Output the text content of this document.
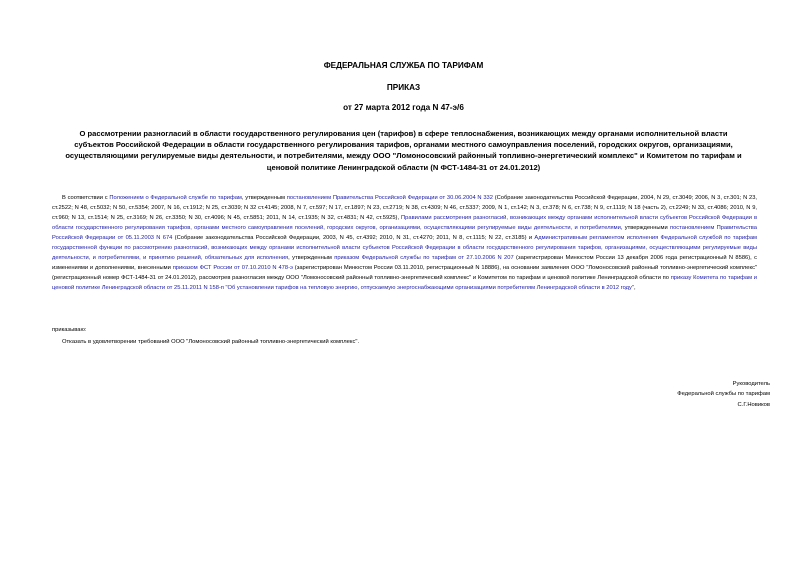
ФЕДЕРАЛЬНАЯ СЛУЖБА ПО ТАРИФАМ
ПРИКАЗ
от 27 марта 2012 года N 47-э/6
О рассмотрении разногласий в области государственного регулирования цен (тарифов) в сфере теплоснабжения, возникающих между органами исполнительной власти субъектов Российской Федерации в области государственного регулирования тарифов, органами местного самоуправления поселений, городских округов, организациями, осуществляющими регулируемые виды деятельности, и потребителями, между ООО "Ломоносовский районный топливно-энергетический комплекс" и Комитетом по тарифам и ценовой политике Ленинградской области (N ФСТ-1484-31 от 24.01.2012)
В соответствии с Положением о Федеральной службе по тарифам, утвержденным постановлением Правительства Российской Федерации от 30.06.2004 N 332 (Собрание законодательства Российской Федерации, 2004, N 29, ст.3049; 2006, N 3, ст.301; N 23, ст.2522; N 48, ст.5032; N 50, ст.5354; 2007, N 16, ст.1912; N 25, ст.3039; N 32 ст.4145; 2008, N 7, ст.597; N 17, ст.1897; N 23, ст.2719; N 38, ст.4309; N 46, ст.5337; 2009, N 1, ст.142; N 3, ст.378; N 6, ст.738; N 9, ст.1119; N 18 (часть 2), ст.2249; N 33, ст.4086; 2010, N 9, ст.960; N 13, ст.1514; N 25, ст.3169; N 26, ст.3350; N 30, ст.4096; N 45, ст.5851; 2011, N 14, ст.1935; N 32, ст.4831; N 42, ст.5925), Правилами рассмотрения разногласий, возникающих между органами исполнительной власти субъектов Российской Федерации в области государственного регулирования тарифов, органами местного самоуправления поселений, городских округов, организациями, осуществляющими регулируемые виды деятельности, и потребителями, утвержденными постановлением Правительства Российской Федерации от 05.11.2003 N 674 (Собрание законодательства Российской Федерации, 2003, N 45, ст.4392; 2010, N 31, ст.4270; 2011, N 8, ст.1115; N 22, ст.3185) и Административным регламентом исполнения Федеральной службой по тарифам государственной функции по рассмотрению разногласий, возникающих между органами исполнительной власти субъектов Российской Федерации в области государственного регулирования тарифов, организациями, осуществляющими регулируемые виды деятельности, и потребителями, и принятию решений, обязательных для исполнения, утвержденным приказом Федеральной службы по тарифам от 27.10.2006 N 207 (зарегистрирован Минюстом России 13 декабря 2006 года регистрационный N 8586), с изменениями и дополнениями, внесенными приказом ФСТ России от 07.10.2010 N 478-э (зарегистрирован Минюстом России 03.11.2010, регистрационный N 18886), на основании заявления ООО "Ломоносовский районный топливно-энергетический комплекс" (регистрационный номер ФСТ-1484-31 от 24.01.2012), рассмотрев разногласия между ООО "Ломоносовский районный топливно-энергетический комплекс" и Комитетом по тарифам и ценовой политике Ленинградской области по приказу Комитета по тарифам и ценовой политике Ленинградской области от 25.11.2011 N 158-п "Об установлении тарифов на тепловую энергию, отпускаемую энергоснабжающими организациями потребителям Ленинградской области в 2012 году",
приказываю:
Отказать в удовлетворении требований ООО "Ломоносовский районный топливно-энергетический комплекс".
Руководитель
Федеральной службы по тарифам
С.Г.Новиков
